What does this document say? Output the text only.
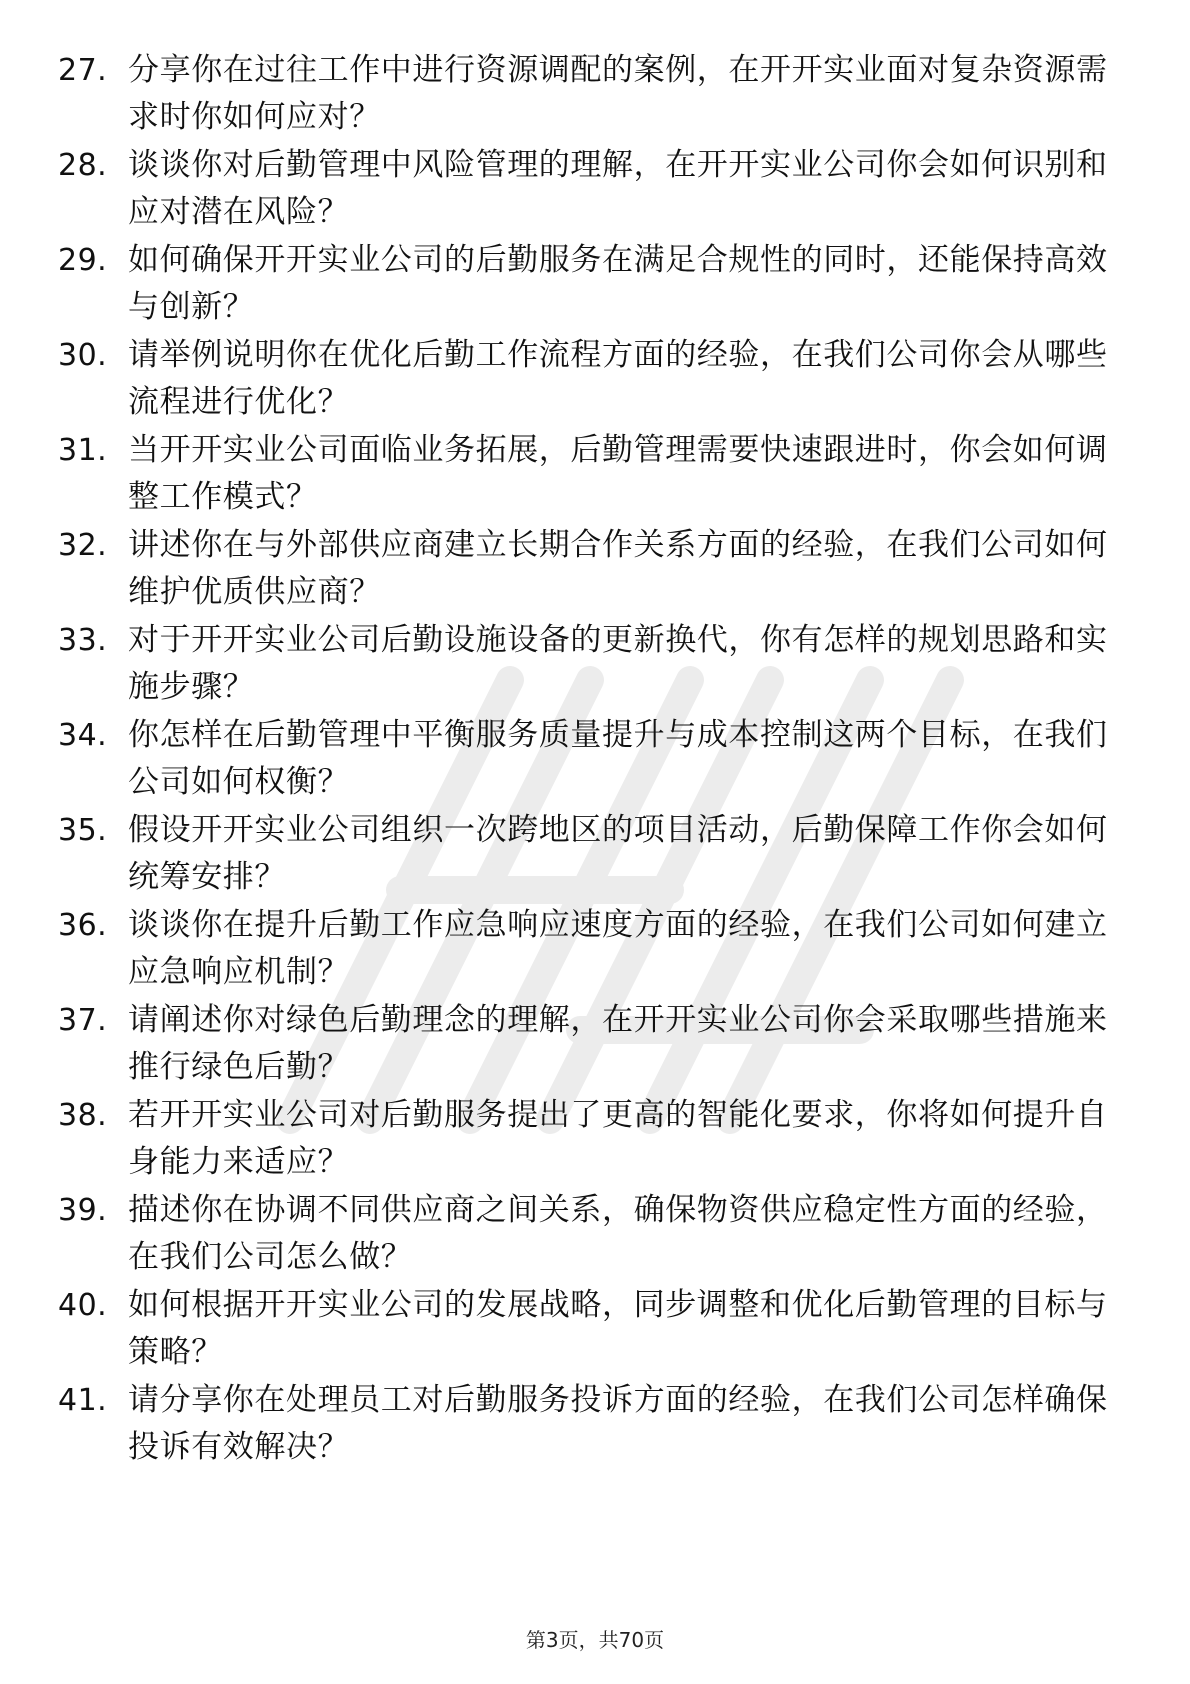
27. 分享你在过往工作中进行资源调配的案例，在开开实业面对复杂资源需求时你如何应对？
28. 谈谈你对后勤管理中风险管理的理解，在开开实业公司你会如何识别和应对潜在风险？
29. 如何确保开开实业公司的后勤服务在满足合规性的同时，还能保持高效与创新？
30. 请举例说明你在优化后勤工作流程方面的经验，在我们公司你会从哪些流程进行优化？
31. 当开开实业公司面临业务拓展，后勤管理需要快速跟进时，你会如何调整工作模式？
32. 讲述你在与外部供应商建立长期合作关系方面的经验，在我们公司如何维护优质供应商？
33. 对于开开实业公司后勤设施设备的更新换代，你有怎样的规划思路和实施步骤？
34. 你怎样在后勤管理中平衡服务质量提升与成本控制这两个目标，在我们公司如何权衡？
35. 假设开开实业公司组织一次跨地区的项目活动，后勤保障工作你会如何统筹安排？
36. 谈谈你在提升后勤工作应急响应速度方面的经验，在我们公司如何建立应急响应机制？
37. 请阐述你对绿色后勤理念的理解，在开开实业公司你会采取哪些措施来推行绿色后勤？
38. 若开开实业公司对后勤服务提出了更高的智能化要求，你将如何提升自身能力来适应？
39. 描述你在协调不同供应商之间关系，确保物资供应稳定性方面的经验，在我们公司怎么做？
40. 如何根据开开实业公司的发展战略，同步调整和优化后勤管理的目标与策略？
41. 请分享你在处理员工对后勤服务投诉方面的经验，在我们公司怎样确保投诉有效解决？
第3页，共70页
